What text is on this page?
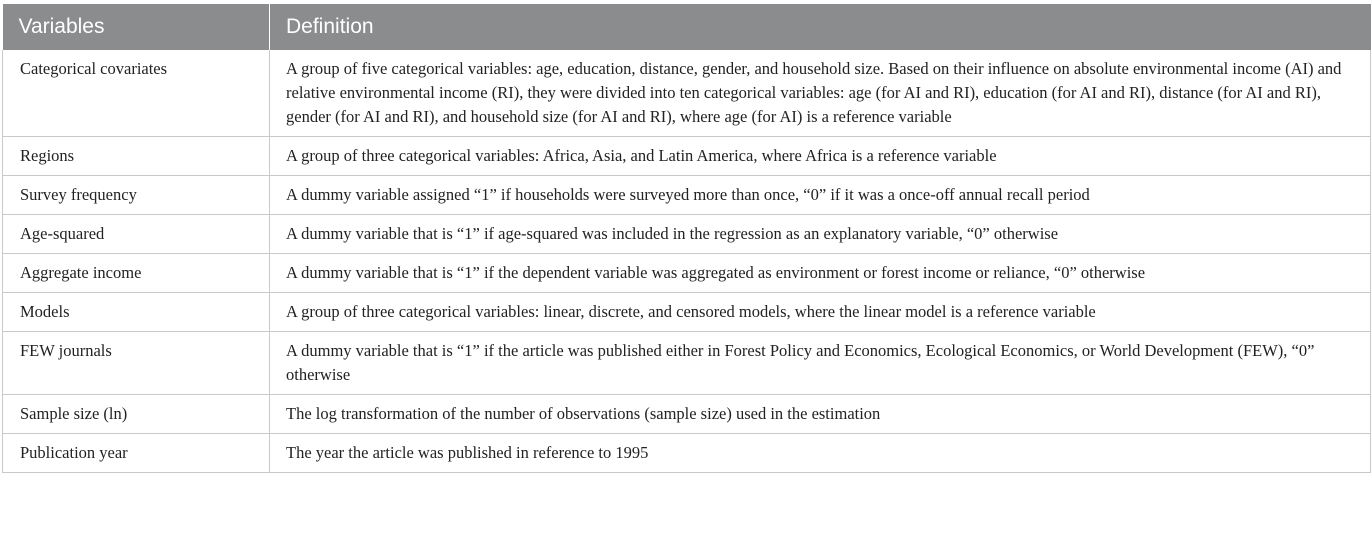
Variables	Definition
Categorical covariates	A group of five categorical variables: age, education, distance, gender, and household size. Based on their influence on absolute environmental income (AI) and relative environmental income (RI), they were divided into ten categorical variables: age (for AI and RI), education (for AI and RI), distance (for AI and RI), gender (for AI and RI), and household size (for AI and RI), where age (for AI) is a reference variable
Regions	A group of three categorical variables: Africa, Asia, and Latin America, where Africa is a reference variable
Survey frequency	A dummy variable assigned “1” if households were surveyed more than once, “0” if it was a once-off annual recall period
Age-squared	A dummy variable that is “1” if age-squared was included in the regression as an explanatory variable, “0” otherwise
Aggregate income	A dummy variable that is “1” if the dependent variable was aggregated as environment or forest income or reliance, “0” otherwise
Models	A group of three categorical variables: linear, discrete, and censored models, where the linear model is a reference variable
FEW journals	A dummy variable that is “1” if the article was published either in Forest Policy and Economics, Ecological Economics, or World Development (FEW), “0” otherwise
Sample size (ln)	The log transformation of the number of observations (sample size) used in the estimation
Publication year	The year the article was published in reference to 1995
